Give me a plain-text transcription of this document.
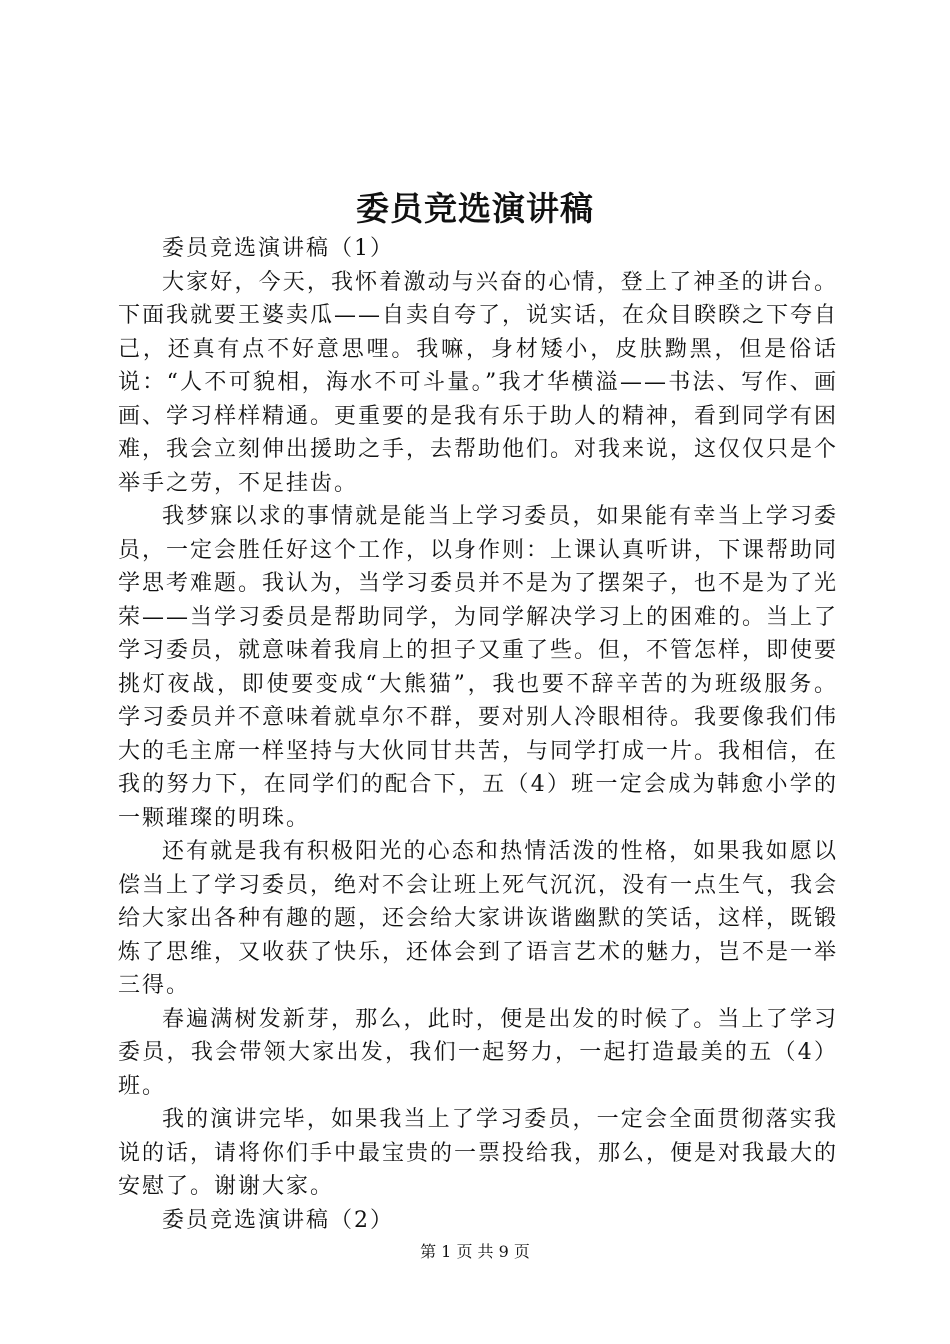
委员竞选演讲稿

委员竞选演讲稿（1）

大家好，今天，我怀着激动与兴奋的心情，登上了神圣的讲台。下面我就要王婆卖瓜——自卖自夸了，说实话，在众目睽睽之下夸自己，还真有点不好意思哩。我嘛，身材矮小，皮肤黝黑，但是俗话说：“人不可貌相，海水不可斗量。”我才华横溢——书法、写作、画画、学习样样精通。更重要的是我有乐于助人的精神，看到同学有困难，我会立刻伸出援助之手，去帮助他们。对我来说，这仅仅只是个举手之劳，不足挂齿。

我梦寐以求的事情就是能当上学习委员，如果能有幸当上学习委员，一定会胜任好这个工作，以身作则：上课认真听讲，下课帮助同学思考难题。我认为，当学习委员并不是为了摆架子，也不是为了光荣——当学习委员是帮助同学，为同学解决学习上的困难的。当上了学习委员，就意味着我肩上的担子又重了些。但，不管怎样，即使要挑灯夜战，即使要变成“大熊猫”，我也要不辞辛苦的为班级服务。学习委员并不意味着就卓尔不群，要对别人冷眼相待。我要像我们伟大的毛主席一样坚持与大伙同甘共苦，与同学打成一片。我相信，在我的努力下，在同学们的配合下，五（4）班一定会成为韩愈小学的一颗璀璨的明珠。

还有就是我有积极阳光的心态和热情活泼的性格，如果我如愿以偿当上了学习委员，绝对不会让班上死气沉沉，没有一点生气，我会给大家出各种有趣的题，还会给大家讲诙谐幽默的笑话，这样，既锻炼了思维，又收获了快乐，还体会到了语言艺术的魅力，岂不是一举三得。

春遍满树发新芽，那么，此时，便是出发的时候了。当上了学习委员，我会带领大家出发，我们一起努力，一起打造最美的五（4）班。

我的演讲完毕，如果我当上了学习委员，一定会全面贯彻落实我说的话，请将你们手中最宝贵的一票投给我，那么，便是对我最大的安慰了。谢谢大家。

委员竞选演讲稿（2）

第 1 页 共 9 页
